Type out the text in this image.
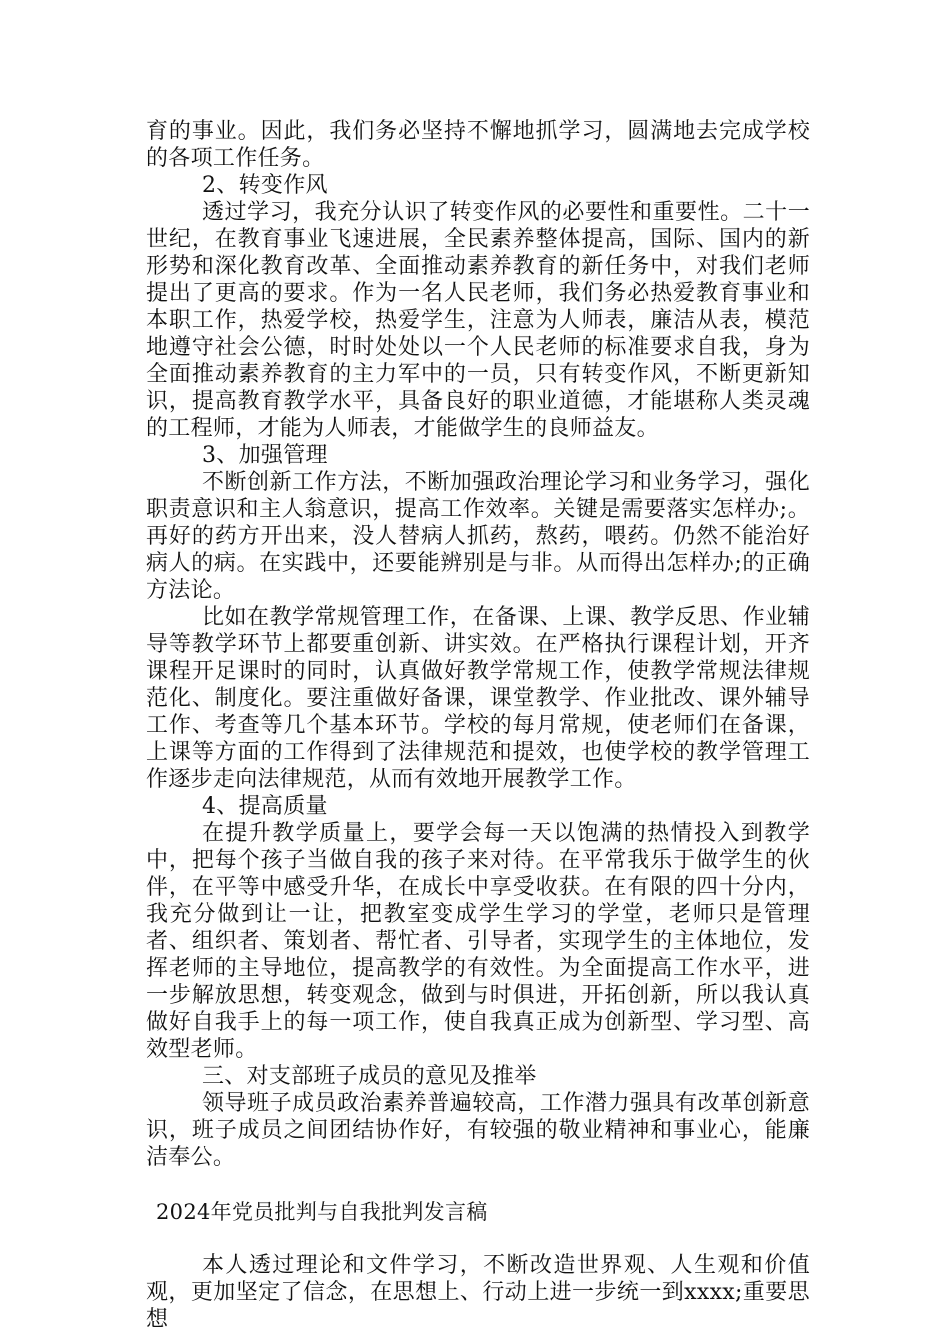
育的事业。因此，我们务必坚持不懈地抓学习，圆满地去完成学校的各项工作任务。

2、转变作风

透过学习，我充分认识了转变作风的必要性和重要性。二十一世纪，在教育事业飞速进展，全民素养整体提高，国际、国内的新形势和深化教育改革、全面推动素养教育的新任务中，对我们老师提出了更高的要求。作为一名人民老师，我们务必热爱教育事业和本职工作，热爱学校，热爱学生，注意为人师表，廉洁从表，模范地遵守社会公德，时时处处以一个人民老师的标准要求自我，身为全面推动素养教育的主力军中的一员，只有转变作风，不断更新知识，提高教育教学水平，具备良好的职业道德，才能堪称人类灵魂的工程师，才能为人师表，才能做学生的良师益友。

3、加强管理

不断创新工作方法，不断加强政治理论学习和业务学习，强化职责意识和主人翁意识，提高工作效率。关键是需要落实怎样办;。再好的药方开出来，没人替病人抓药，熬药，喂药。仍然不能治好病人的病。在实践中，还要能辨别是与非。从而得出怎样办;的正确方法论。

比如在教学常规管理工作，在备课、上课、教学反思、作业辅导等教学环节上都要重创新、讲实效。在严格执行课程计划，开齐课程开足课时的同时，认真做好教学常规工作，使教学常规法律规范化、制度化。要注重做好备课，课堂教学、作业批改、课外辅导工作、考查等几个基本环节。学校的每月常规，使老师们在备课，上课等方面的工作得到了法律规范和提效，也使学校的教学管理工作逐步走向法律规范，从而有效地开展教学工作。

4、提高质量

在提升教学质量上，要学会每一天以饱满的热情投入到教学中，把每个孩子当做自我的孩子来对待。在平常我乐于做学生的伙伴，在平等中感受升华，在成长中享受收获。在有限的四十分内，我充分做到让一让，把教室变成学生学习的学堂，老师只是管理者、组织者、策划者、帮忙者、引导者，实现学生的主体地位，发挥老师的主导地位，提高教学的有效性。为全面提高工作水平，进一步解放思想，转变观念，做到与时俱进，开拓创新，所以我认真做好自我手上的每一项工作，使自我真正成为创新型、学习型、高效型老师。

三、对支部班子成员的意见及推举

领导班子成员政治素养普遍较高，工作潜力强具有改革创新意识，班子成员之间团结协作好，有较强的敬业精神和事业心，能廉洁奉公。

2024年党员批判与自我批判发言稿

本人透过理论和文件学习，不断改造世界观、人生观和价值观，更加坚定了信念，在思想上、行动上进一步统一到xxxx;重要思想
